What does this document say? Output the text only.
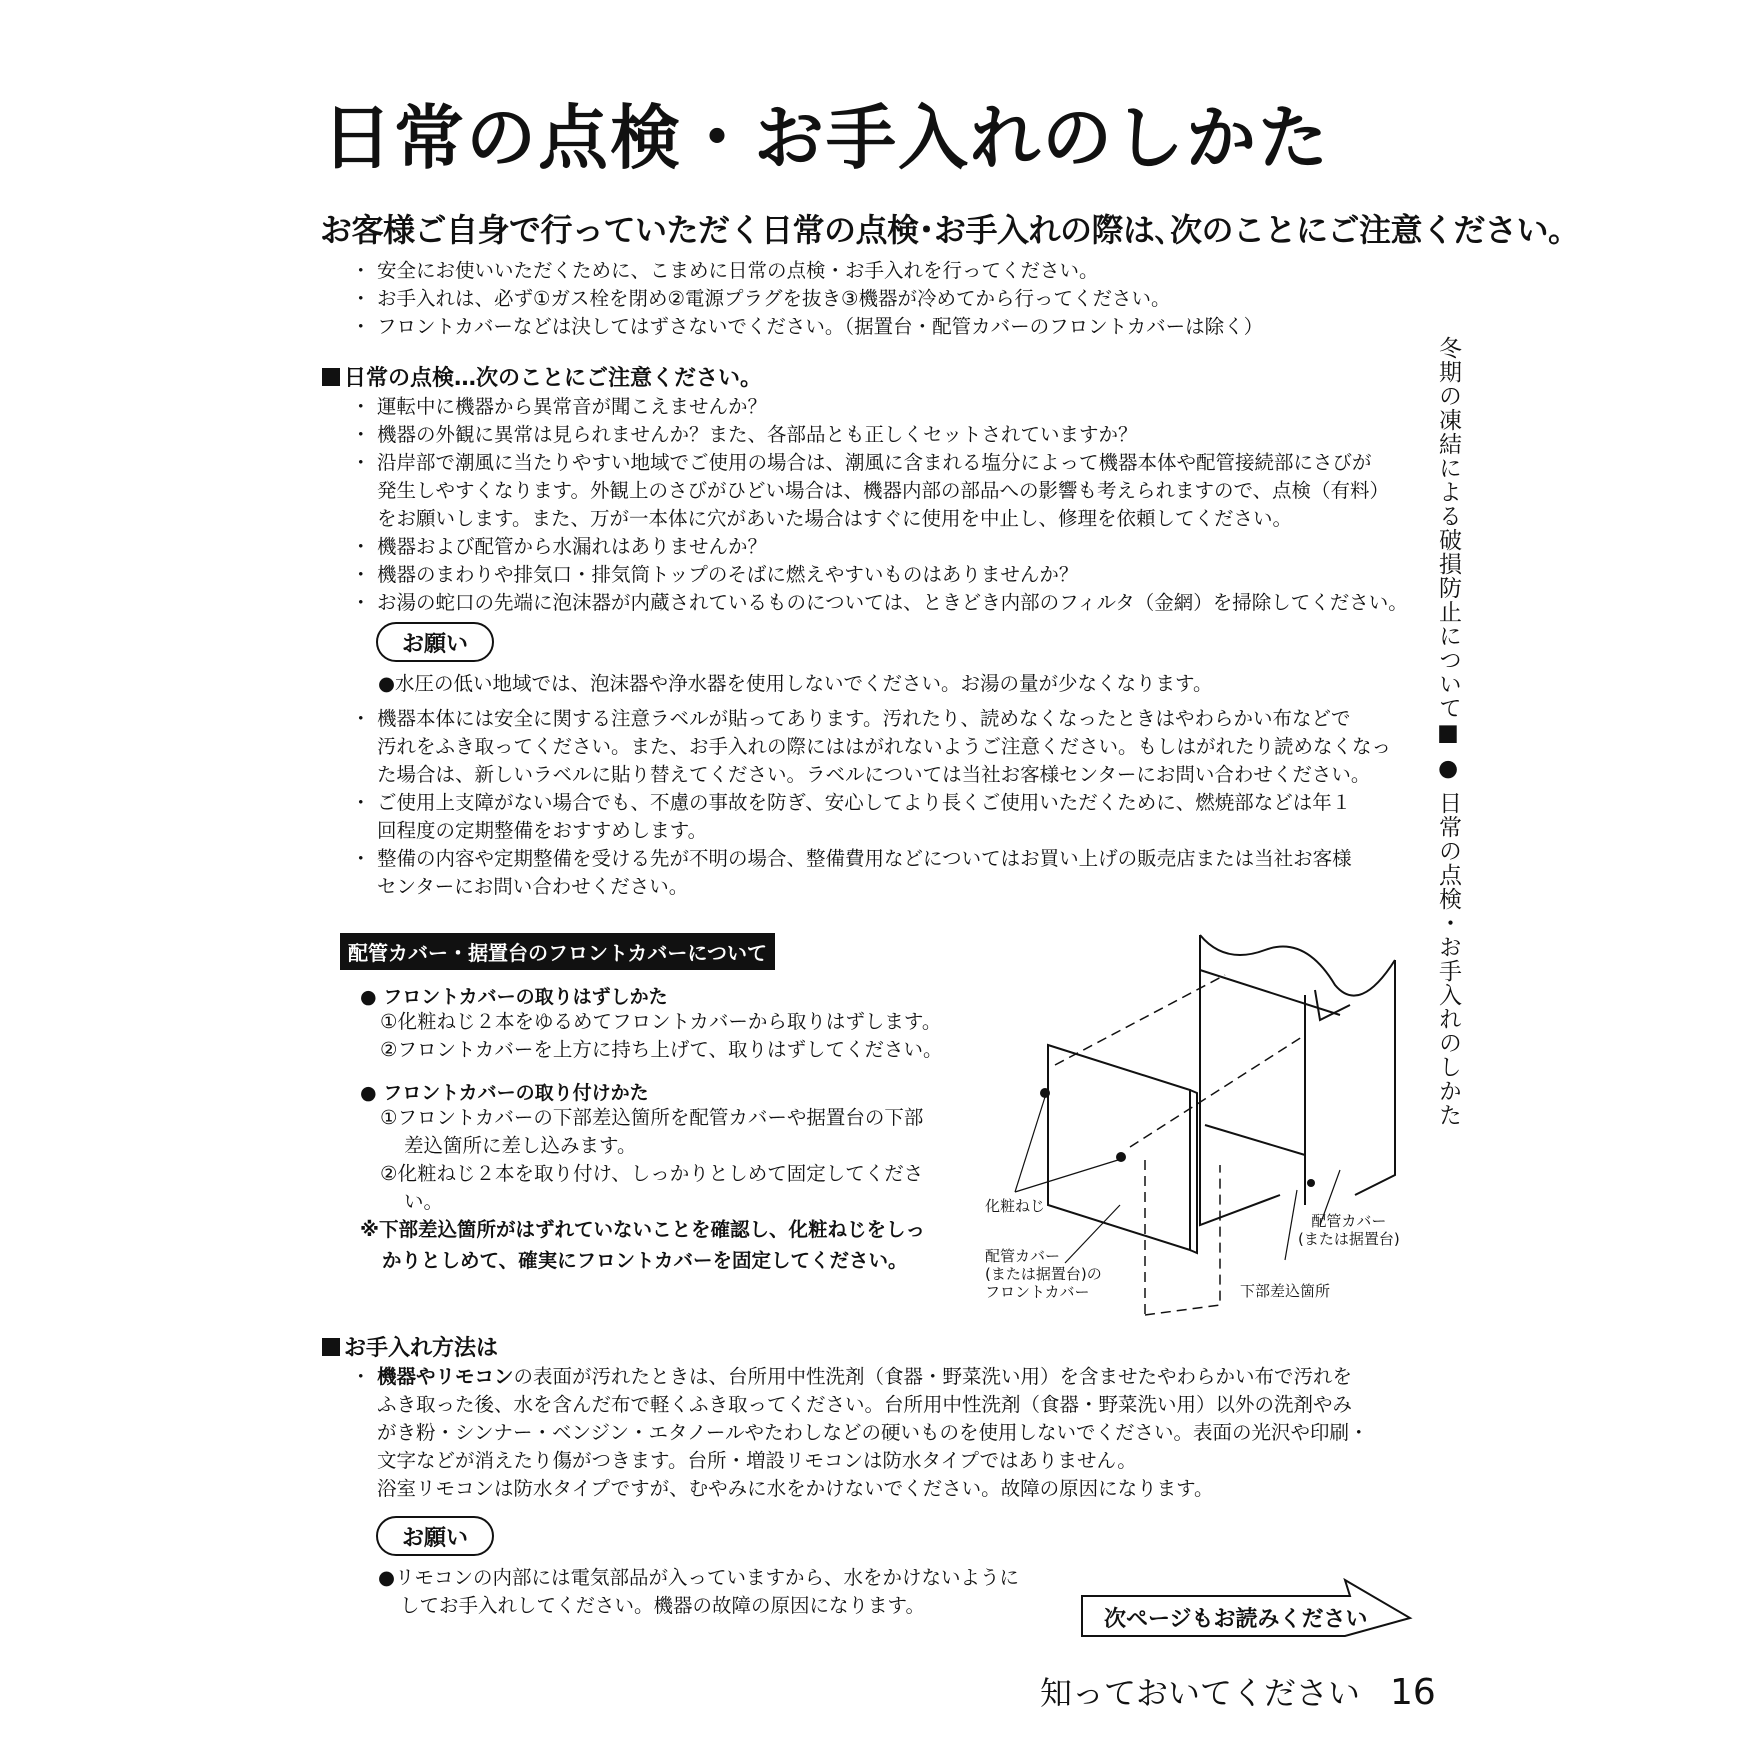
日常の点検・お手入れのしかた
お客様ご自身で行っていただく日常の点検･お手入れの際は､次のことにご注意ください｡
・ 安全にお使いいただくために、こまめに日常の点検・お手入れを行ってください。
・ お手入れは、必ず①ガス栓を閉め②電源プラグを抜き③機器が冷めてから行ってください。
・ フロントカバーなどは決してはずさないでください。（据置台・配管カバーのフロントカバーは除く）
日常の点検…次のことにご注意ください。
・ 運転中に機器から異常音が聞こえませんか？
・ 機器の外観に異常は見られませんか？また、各部品とも正しくセットされていますか？
・ 沿岸部で潮風に当たりやすい地域でご使用の場合は、潮風に含まれる塩分によって機器本体や配管接続部にさびが
発生しやすくなります。外観上のさびがひどい場合は、機器内部の部品への影響も考えられますので、点検（有料）
をお願いします。また、万が一本体に穴があいた場合はすぐに使用を中止し、修理を依頼してください。
・ 機器および配管から水漏れはありませんか？
・ 機器のまわりや排気口・排気筒トップのそばに燃えやすいものはありませんか？
・ お湯の蛇口の先端に泡沫器が内蔵されているものについては、ときどき内部のフィルタ（金網）を掃除してください。
お願い
●水圧の低い地域では、泡沫器や浄水器を使用しないでください。お湯の量が少なくなります。
・ 機器本体には安全に関する注意ラベルが貼ってあります。汚れたり、読めなくなったときはやわらかい布などで
汚れをふき取ってください。また、お手入れの際にははがれないようご注意ください。もしはがれたり読めなくなっ
た場合は、新しいラベルに貼り替えてください。ラベルについては当社お客様センターにお問い合わせください。
・ ご使用上支障がない場合でも、不慮の事故を防ぎ、安心してより長くご使用いただくために、燃焼部などは年１
回程度の定期整備をおすすめします。
・ 整備の内容や定期整備を受ける先が不明の場合、整備費用などについてはお買い上げの販売店または当社お客様
センターにお問い合わせください。
配管カバー・据置台のフロントカバーについて
● フロントカバーの取りはずしかた
①化粧ねじ２本をゆるめてフロントカバーから取りはずします。
②フロントカバーを上方に持ち上げて、取りはずしてください。
● フロントカバーの取り付けかた
①フロントカバーの下部差込箇所を配管カバーや据置台の下部
差込箇所に差し込みます。
②化粧ねじ２本を取り付け、しっかりとしめて固定してくださ
い。
※下部差込箇所がはずれていないことを確認し、化粧ねじをしっ
かりとしめて、確実にフロントカバーを固定してください。
化粧ねじ
配管カバー
(または据置台)
配管カバー
(または据置台)の
フロントカバー	下部差込箇所
お手入れ方法は
・ 機器やリモコンの表面が汚れたときは、台所用中性洗剤（食器・野菜洗い用）を含ませたやわらかい布で汚れを
ふき取った後、水を含んだ布で軽くふき取ってください。台所用中性洗剤（食器・野菜洗い用）以外の洗剤やみ
がき粉・シンナー・ベンジン・エタノールやたわしなどの硬いものを使用しないでください。表面の光沢や印刷・
文字などが消えたり傷がつきます。台所・増設リモコンは防水タイプではありません。
浴室リモコンは防水タイプですが、むやみに水をかけないでください。故障の原因になります。
お願い
●リモコンの内部には電気部品が入っていますから、水をかけないように
してお手入れしてください。機器の故障の原因になります。
冬期の凍結による破損防止について■ ● 日常の点検・お手入れのしかた
次ページもお読みください
知っておいてください 16
